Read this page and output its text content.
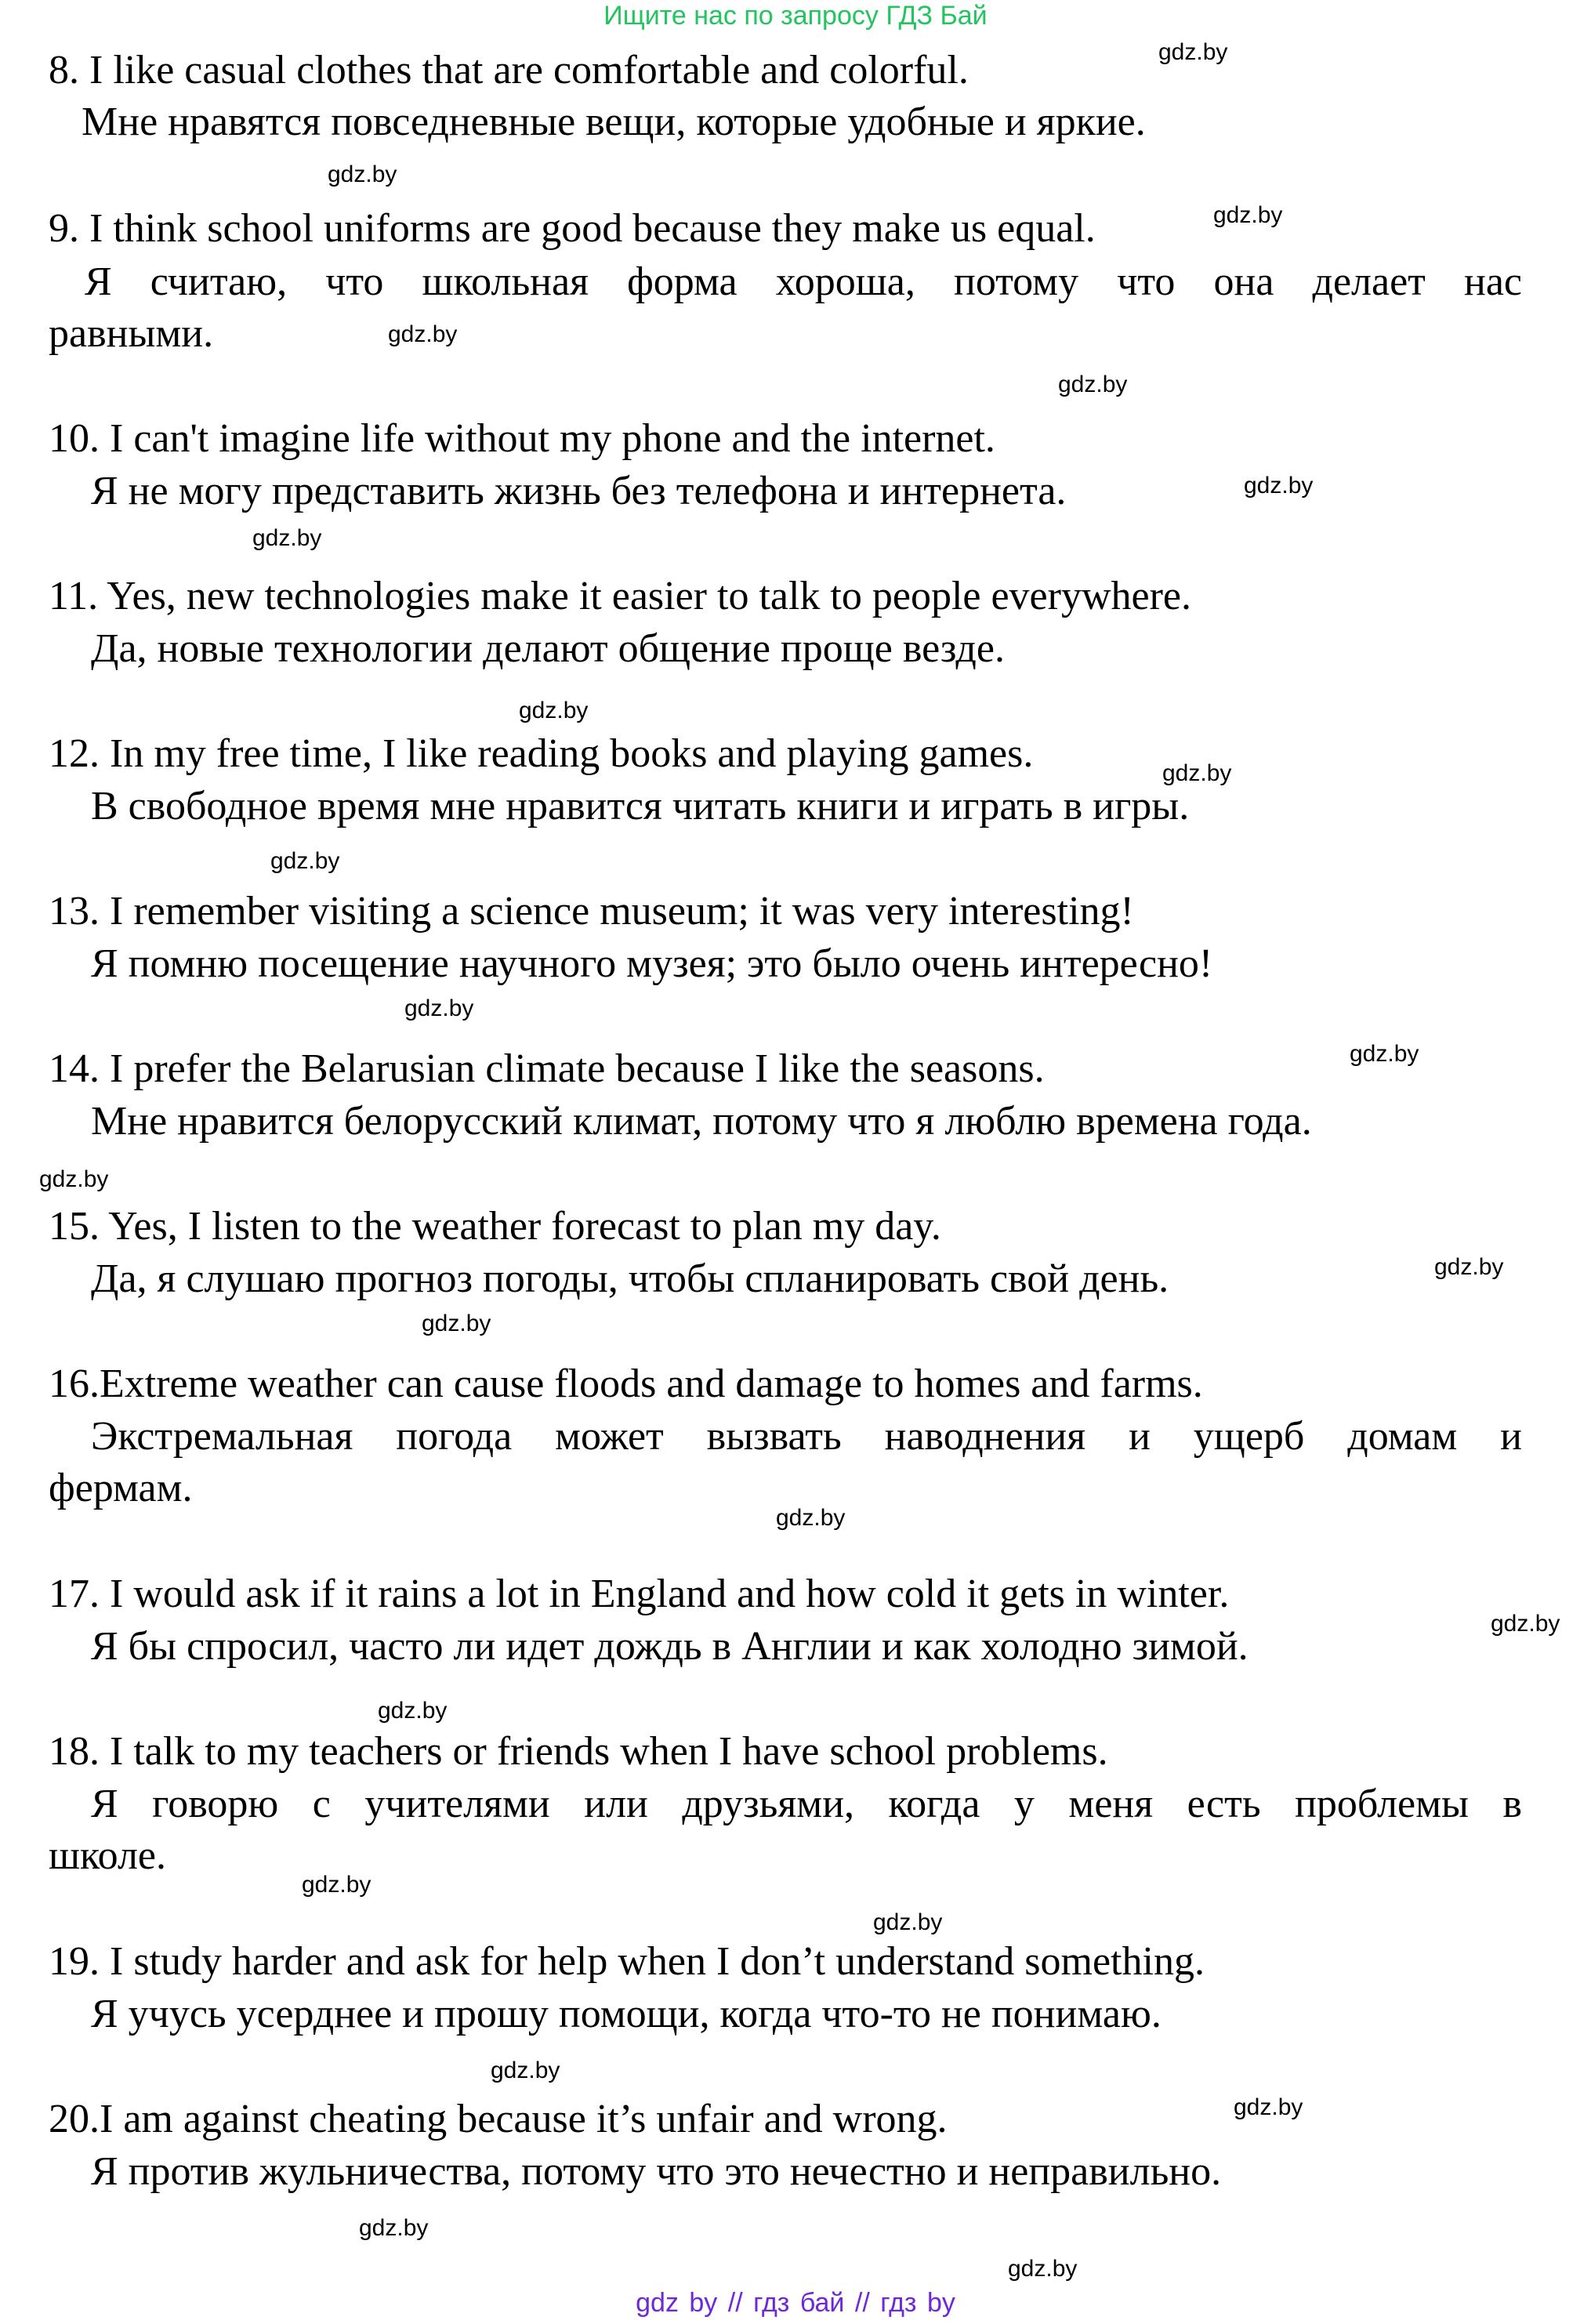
Ищите нас по запросу ГДЗ Бай
8. I like casual clothes that are comfortable and colorful.
Мне нравятся повседневные вещи, которые удобные и яркие.
9. I think school uniforms are good because they make us equal.
Я считаю, что школьная форма хороша, потому что она делает нас
равными.
10. I can't imagine life without my phone and the internet.
Я не могу представить жизнь без телефона и интернета.
11. Yes, new technologies make it easier to talk to people everywhere.
Да, новые технологии делают общение проще везде.
12. In my free time, I like reading books and playing games.
В свободное время мне нравится читать книги и играть в игры.
13. I remember visiting a science museum; it was very interesting!
Я помню посещение научного музея; это было очень интересно!
14. I prefer the Belarusian climate because I like the seasons.
Мне нравится белорусский климат, потому что я люблю времена года.
15. Yes, I listen to the weather forecast to plan my day.
Да, я слушаю прогноз погоды, чтобы спланировать свой день.
16.Extreme weather can cause floods and damage to homes and farms.
Экстремальная погода может вызвать наводнения и ущерб домам и
фермам.
17. I would ask if it rains a lot in England and how cold it gets in winter.
Я бы спросил, часто ли идет дождь в Англии и как холодно зимой.
18. I talk to my teachers or friends when I have school problems.
Я говорю с учителями или друзьями, когда у меня есть проблемы в
школе.
19. I study harder and ask for help when I don’t understand something.
Я учусь усерднее и прошу помощи, когда что-то не понимаю.
20.I am against cheating because it’s unfair and wrong.
Я против жульничества, потому что это нечестно и неправильно.
gdz.by
gdz.by
gdz.by
gdz.by
gdz.by
gdz.by
gdz.by
gdz.by
gdz.by
gdz.by
gdz.by
gdz.by
gdz.by
gdz.by
gdz.by
gdz.by
gdz.by
gdz.by
gdz.by
gdz.by
gdz.by
gdz.by
gdz.by
gdz.by
gdz by // гдз бай // гдз by
